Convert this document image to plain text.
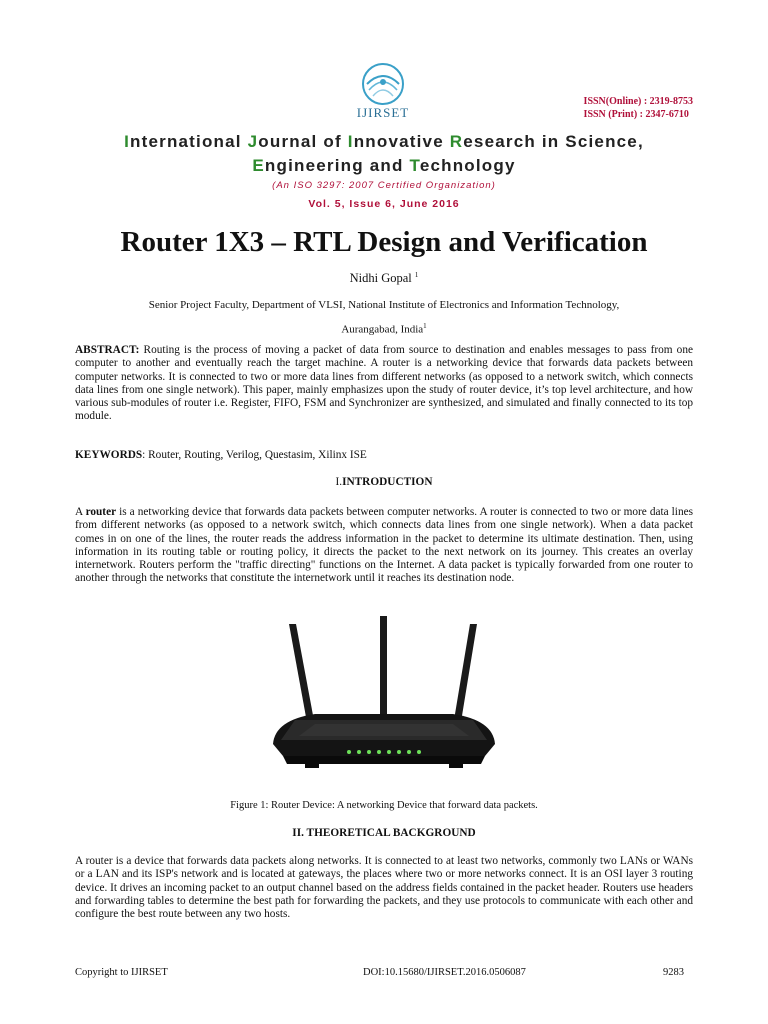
IJIRSET
ISSN(Online) : 2319-8753
ISSN (Print) : 2347-6710
International Journal of Innovative Research in Science,
Engineering and Technology
(An ISO 3297: 2007 Certified Organization)
Vol. 5, Issue 6, June 2016
Router 1X3 – RTL Design and Verification
Nidhi Gopal $^1$
Senior Project Faculty, Department of VLSI, National Institute of Electronics and Information Technology,
Aurangabad, India$^1$
ABSTRACT: Routing is the process of moving a packet of data from source to destination and enables messages to pass from one computer to another and eventually reach the target machine. A router is a networking device that forwards data packets between computer networks. It is connected to two or more data lines from different networks (as opposed to a network switch, which connects data lines from one single network). This paper, mainly emphasizes upon the study of router device, it’s top level architecture, and how various sub-modules of router i.e. Register, FIFO, FSM and Synchronizer are synthesized, and simulated and finally connected to its top module.
KEYWORDS: Router, Routing, Verilog, Questasim, Xilinx ISE
I.INTRODUCTION
A router is a networking device that forwards data packets between computer networks. A router is connected to two or more data lines from different networks (as opposed to a network switch, which connects data lines from one single network). When a data packet comes in on one of the lines, the router reads the address information in the packet to determine its ultimate destination. Then, using information in its routing table or routing policy, it directs the packet to the next network on its journey. This creates an overlay internetwork. Routers perform the "traffic directing" functions on the Internet. A data packet is typically forwarded from one router to another through the networks that constitute the internetwork until it reaches its destination node.
Figure 1: Router Device: A networking Device that forward data packets.
II. THEORETICAL BACKGROUND
A router is a device that forwards data packets along networks. It is connected to at least two networks, commonly two LANs or WANs or a LAN and its ISP's network and is located at gateways, the places where two or more networks connect. It is an OSI layer 3 routing device. It drives an incoming packet to an output channel based on the address fields contained in the packet header. Routers use headers and forwarding tables to determine the best path for forwarding the packets, and they use protocols to communicate with each other and configure the best route between any two hosts.
Copyright to IJIRSET	DOI:10.15680/IJIRSET.2016.0506087	9283
